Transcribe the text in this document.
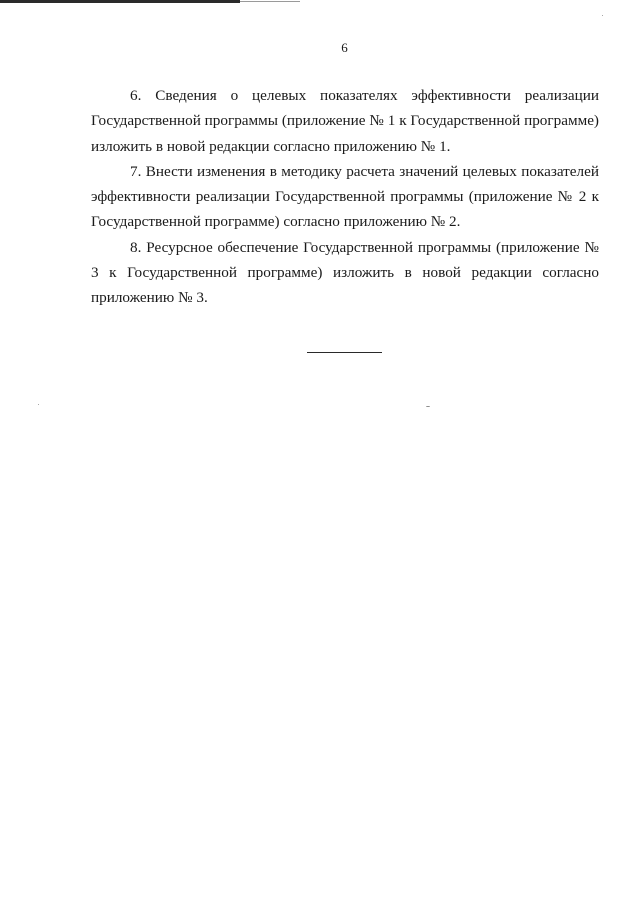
6

6. Сведения о целевых показателях эффективности реализации Государственной программы (приложение № 1 к Государственной программе) изложить в новой редакции согласно приложению № 1.

7. Внести изменения в методику расчета значений целевых показателей эффективности реализации Государственной программы (приложение № 2 к Государственной программе) согласно приложению № 2.

8. Ресурсное обеспечение Государственной программы (приложение № 3 к Государственной программе) изложить в новой редакции согласно приложению № 3.
